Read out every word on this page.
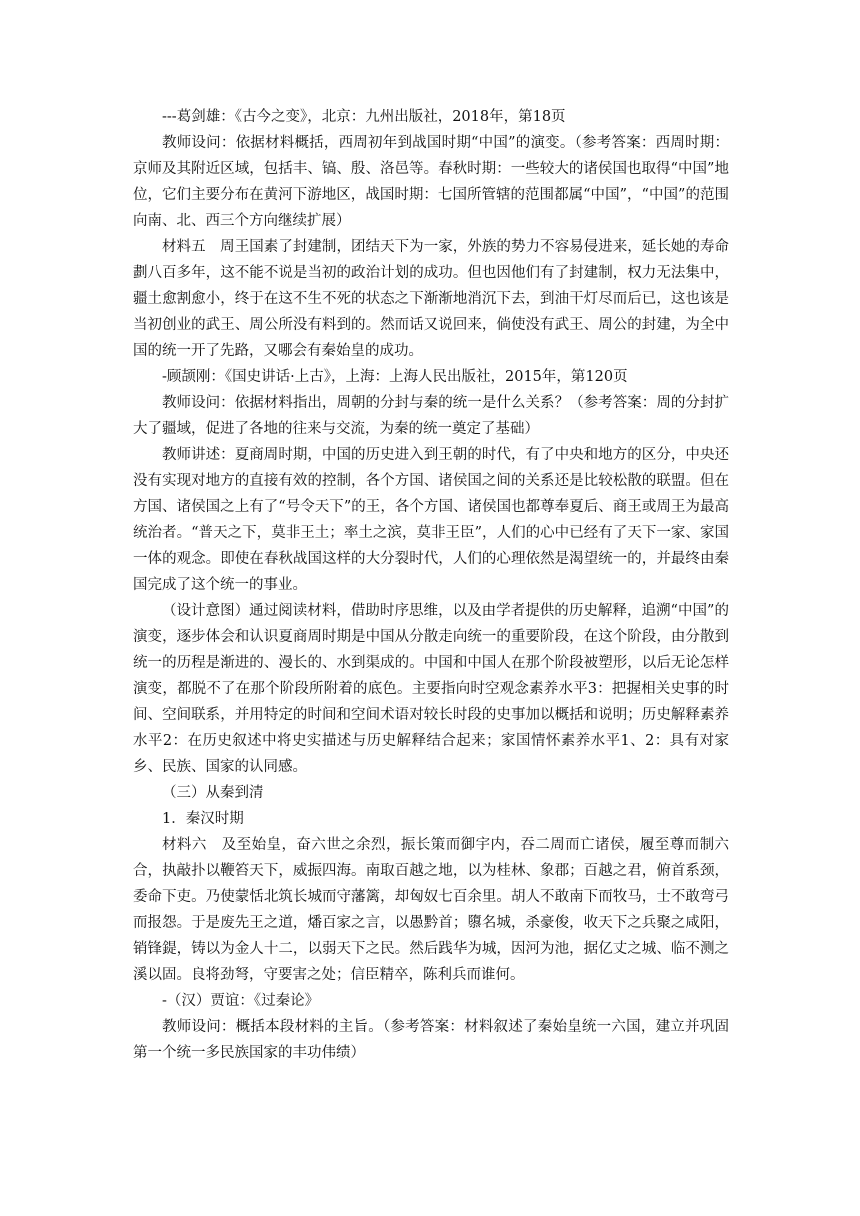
---葛剑雄：《古今之变》，北京：九州出版社，2018年，第18页

教师设问：依据材料概括，西周初年到战国时期“中国”的演变。（参考答案：西周时期：京师及其附近区域，包括丰、镐、殷、洛邑等。春秋时期：一些较大的诸侯国也取得“中国”地位，它们主要分布在黄河下游地区，战国时期：七国所管辖的范围都属“中国”，“中国”的范围向南、北、西三个方向继续扩展）

材料五　周王国素了封建制，团结天下为一家，外族的势力不容易侵进来，延长她的寿命劃八百多年，这不能不说是当初的政治计划的成功。但也因他们有了封建制，权力无法集中，疆土愈割愈小，终于在这不生不死的状态之下渐渐地消沉下去，到油干灯尽而后已，这也该是当初创业的武王、周公所没有料到的。然而话又说回来，倘使没有武王、周公的封建，为全中国的统一开了先路，又哪会有秦始皇的成功。

-顾颉刚：《国史讲话·上古》，上海：上海人民出版社，2015年，第120页

教师设问：依据材料指出，周朝的分封与秦的统一是什么关系？（参考答案：周的分封扩大了疆域，促进了各地的往来与交流，为秦的统一奠定了基础）

教师讲述：夏商周时期，中国的历史进入到王朝的时代，有了中央和地方的区分，中央还没有实现对地方的直接有效的控制，各个方国、诸侯国之间的关系还是比较松散的联盟。但在方国、诸侯国之上有了“号令天下”的王，各个方国、诸侯国也都尊奉夏后、商王或周王为最高统治者。“普天之下，莫非王土；率土之滨，莫非王臣”，人们的心中已经有了天下一家、家国一体的观念。即使在春秋战国这样的大分裂时代，人们的心理依然是渴望统一的，并最终由秦国完成了这个统一的事业。

（设计意图）通过阅读材料，借助时序思维，以及由学者提供的历史解释，追溯“中国”的演变，逐步体会和认识夏商周时期是中国从分散走向统一的重要阶段，在这个阶段，由分散到统一的历程是渐进的、漫长的、水到渠成的。中国和中国人在那个阶段被塑形，以后无论怎样演变，都脱不了在那个阶段所附着的底色。主要指向时空观念素养水平3：把握相关史事的时间、空间联系，并用特定的时间和空间术语对较长时段的史事加以概括和说明；历史解释素养水平2：在历史叙述中将史实描述与历史解释结合起来；家国情怀素养水平1、2：具有对家乡、民族、国家的认同感。

（三）从秦到清

1．秦汉时期

材料六　及至始皇，奋六世之余烈，振长策而御宇内，吞二周而亡诸侯，履至尊而制六合，执敲扑以鞭笞天下，威振四海。南取百越之地，以为桂林、象郡；百越之君，俯首系颈，委命下吏。乃使蒙恬北筑长城而守藩篱，却匈奴七百余里。胡人不敢南下而牧马，士不敢弯弓而报怨。于是废先王之道，燔百家之言，以愚黔首；隳名城，杀豪俊，收天下之兵聚之咸阳，销锋鍉，铸以为金人十二，以弱天下之民。然后践华为城，因河为池，据亿丈之城、临不测之溪以固。良将劲弩，守要害之处；信臣精卒，陈利兵而谁何。

-（汉）贾谊：《过秦论》

教师设问：概括本段材料的主旨。（参考答案：材料叙述了秦始皇统一六国，建立并巩固第一个统一多民族国家的丰功伟绩）
